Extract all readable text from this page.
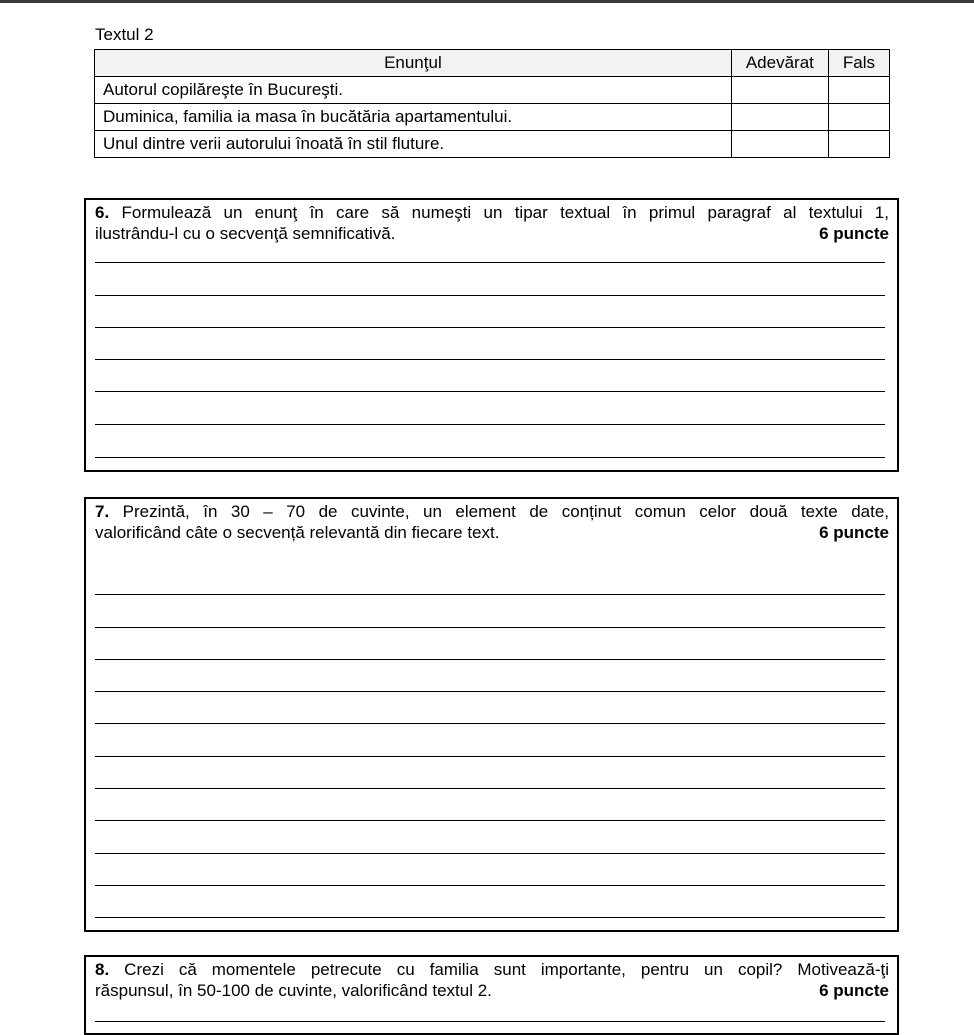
Textul 2
Enunţul	Adevărat	Fals
Autorul copilăreşte în Bucureşti.		
Duminica, familia ia masa în bucătăria apartamentului.		
Unul dintre verii autorului înoată în stil fluture.		
6. Formulează un enunţ în care să numeşti un tipar textual în primul paragraf al textului 1,
ilustrându-l cu o secvenţă semnificativă.	6 puncte
7. Prezintă, în 30 – 70 de cuvinte, un element de conținut comun celor două texte date,
valorificând câte o secvență relevantă din fiecare text.	6 puncte
8. Crezi că momentele petrecute cu familia sunt importante, pentru un copil? Motivează-ţi
răspunsul, în 50-100 de cuvinte, valorificând textul 2.	6 puncte
